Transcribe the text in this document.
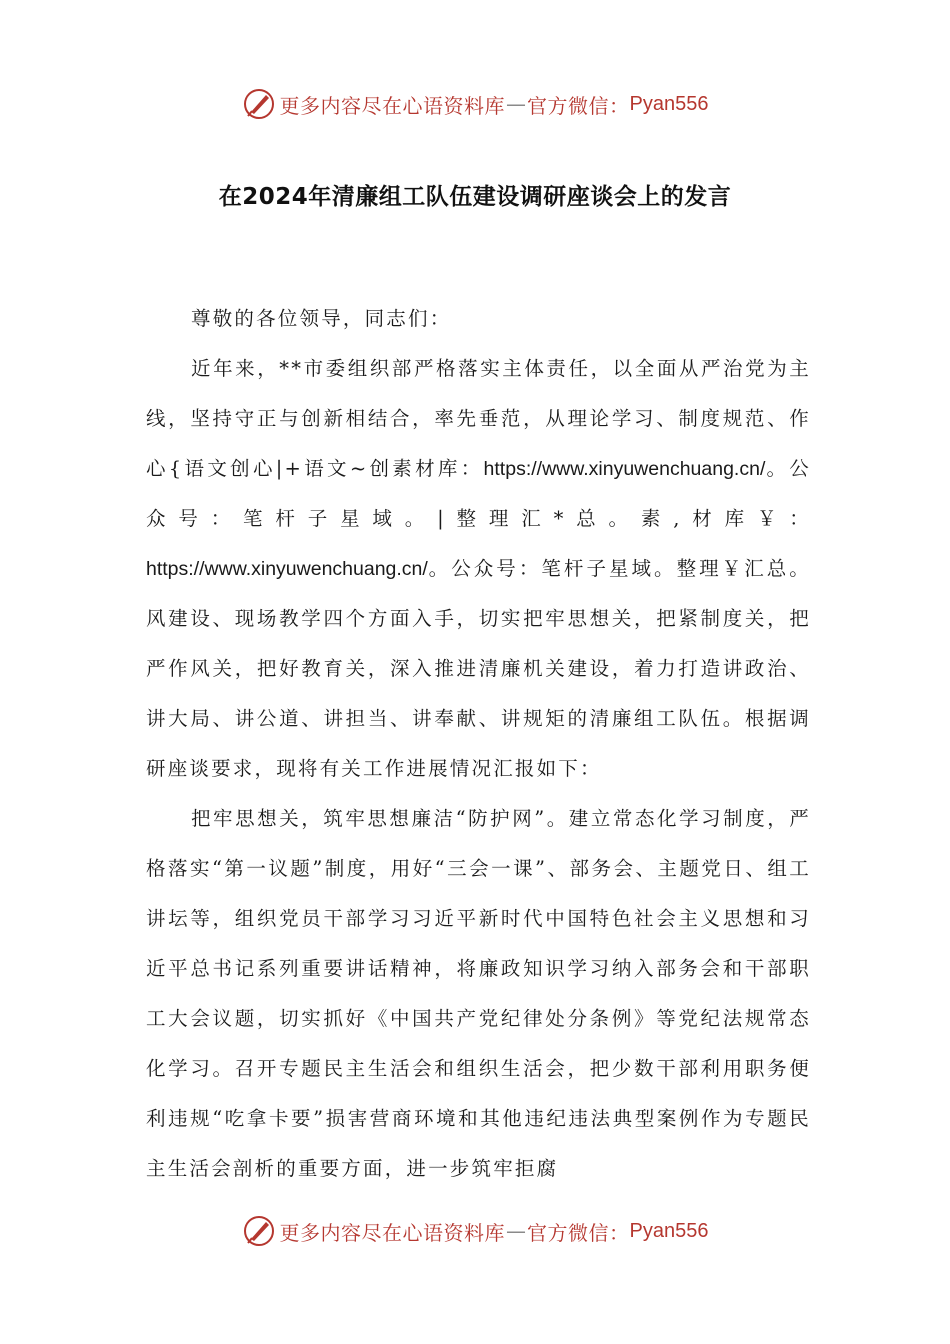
更多内容尽在心语资料库 — 官方微信： Pyan556
在2024年清廉组工队伍建设调研座谈会上的发言

尊敬的各位领导，同志们：

近年来，**市委组织部严格落实主体责任，以全面从严治党为主线，坚持守正与创新相结合，率先垂范，从理论学习、制度规范、作心{语文创心|+语文~创素材库：https://www.xinyuwenchuang.cn/。公众号：笔杆子星域。|整理汇*总。素,材库￥：https://www.xinyuwenchuang.cn/。公众号：笔杆子星域。整理￥汇总。风建设、现场教学四个方面入手，切实把牢思想关，把紧制度关，把严作风关，把好教育关，深入推进清廉机关建设，着力打造讲政治、讲大局、讲公道、讲担当、讲奉献、讲规矩的清廉组工队伍。根据调研座谈要求，现将有关工作进展情况汇报如下：

把牢思想关，筑牢思想廉洁“防护网”。建立常态化学习制度，严格落实“第一议题”制度，用好“三会一课”、部务会、主题党日、组工讲坛等，组织党员干部学习习近平新时代中国特色社会主义思想和习近平总书记系列重要讲话精神，将廉政知识学习纳入部务会和干部职工大会议题，切实抓好《中国共产党纪律处分条例》等党纪法规常态化学习。召开专题民主生活会和组织生活会，把少数干部利用职务便利违规“吃拿卡要”损害营商环境和其他违纪违法典型案例作为专题民主生活会剖析的重要方面，进一步筑牢拒腐

更多内容尽在心语资料库 — 官方微信： Pyan556
